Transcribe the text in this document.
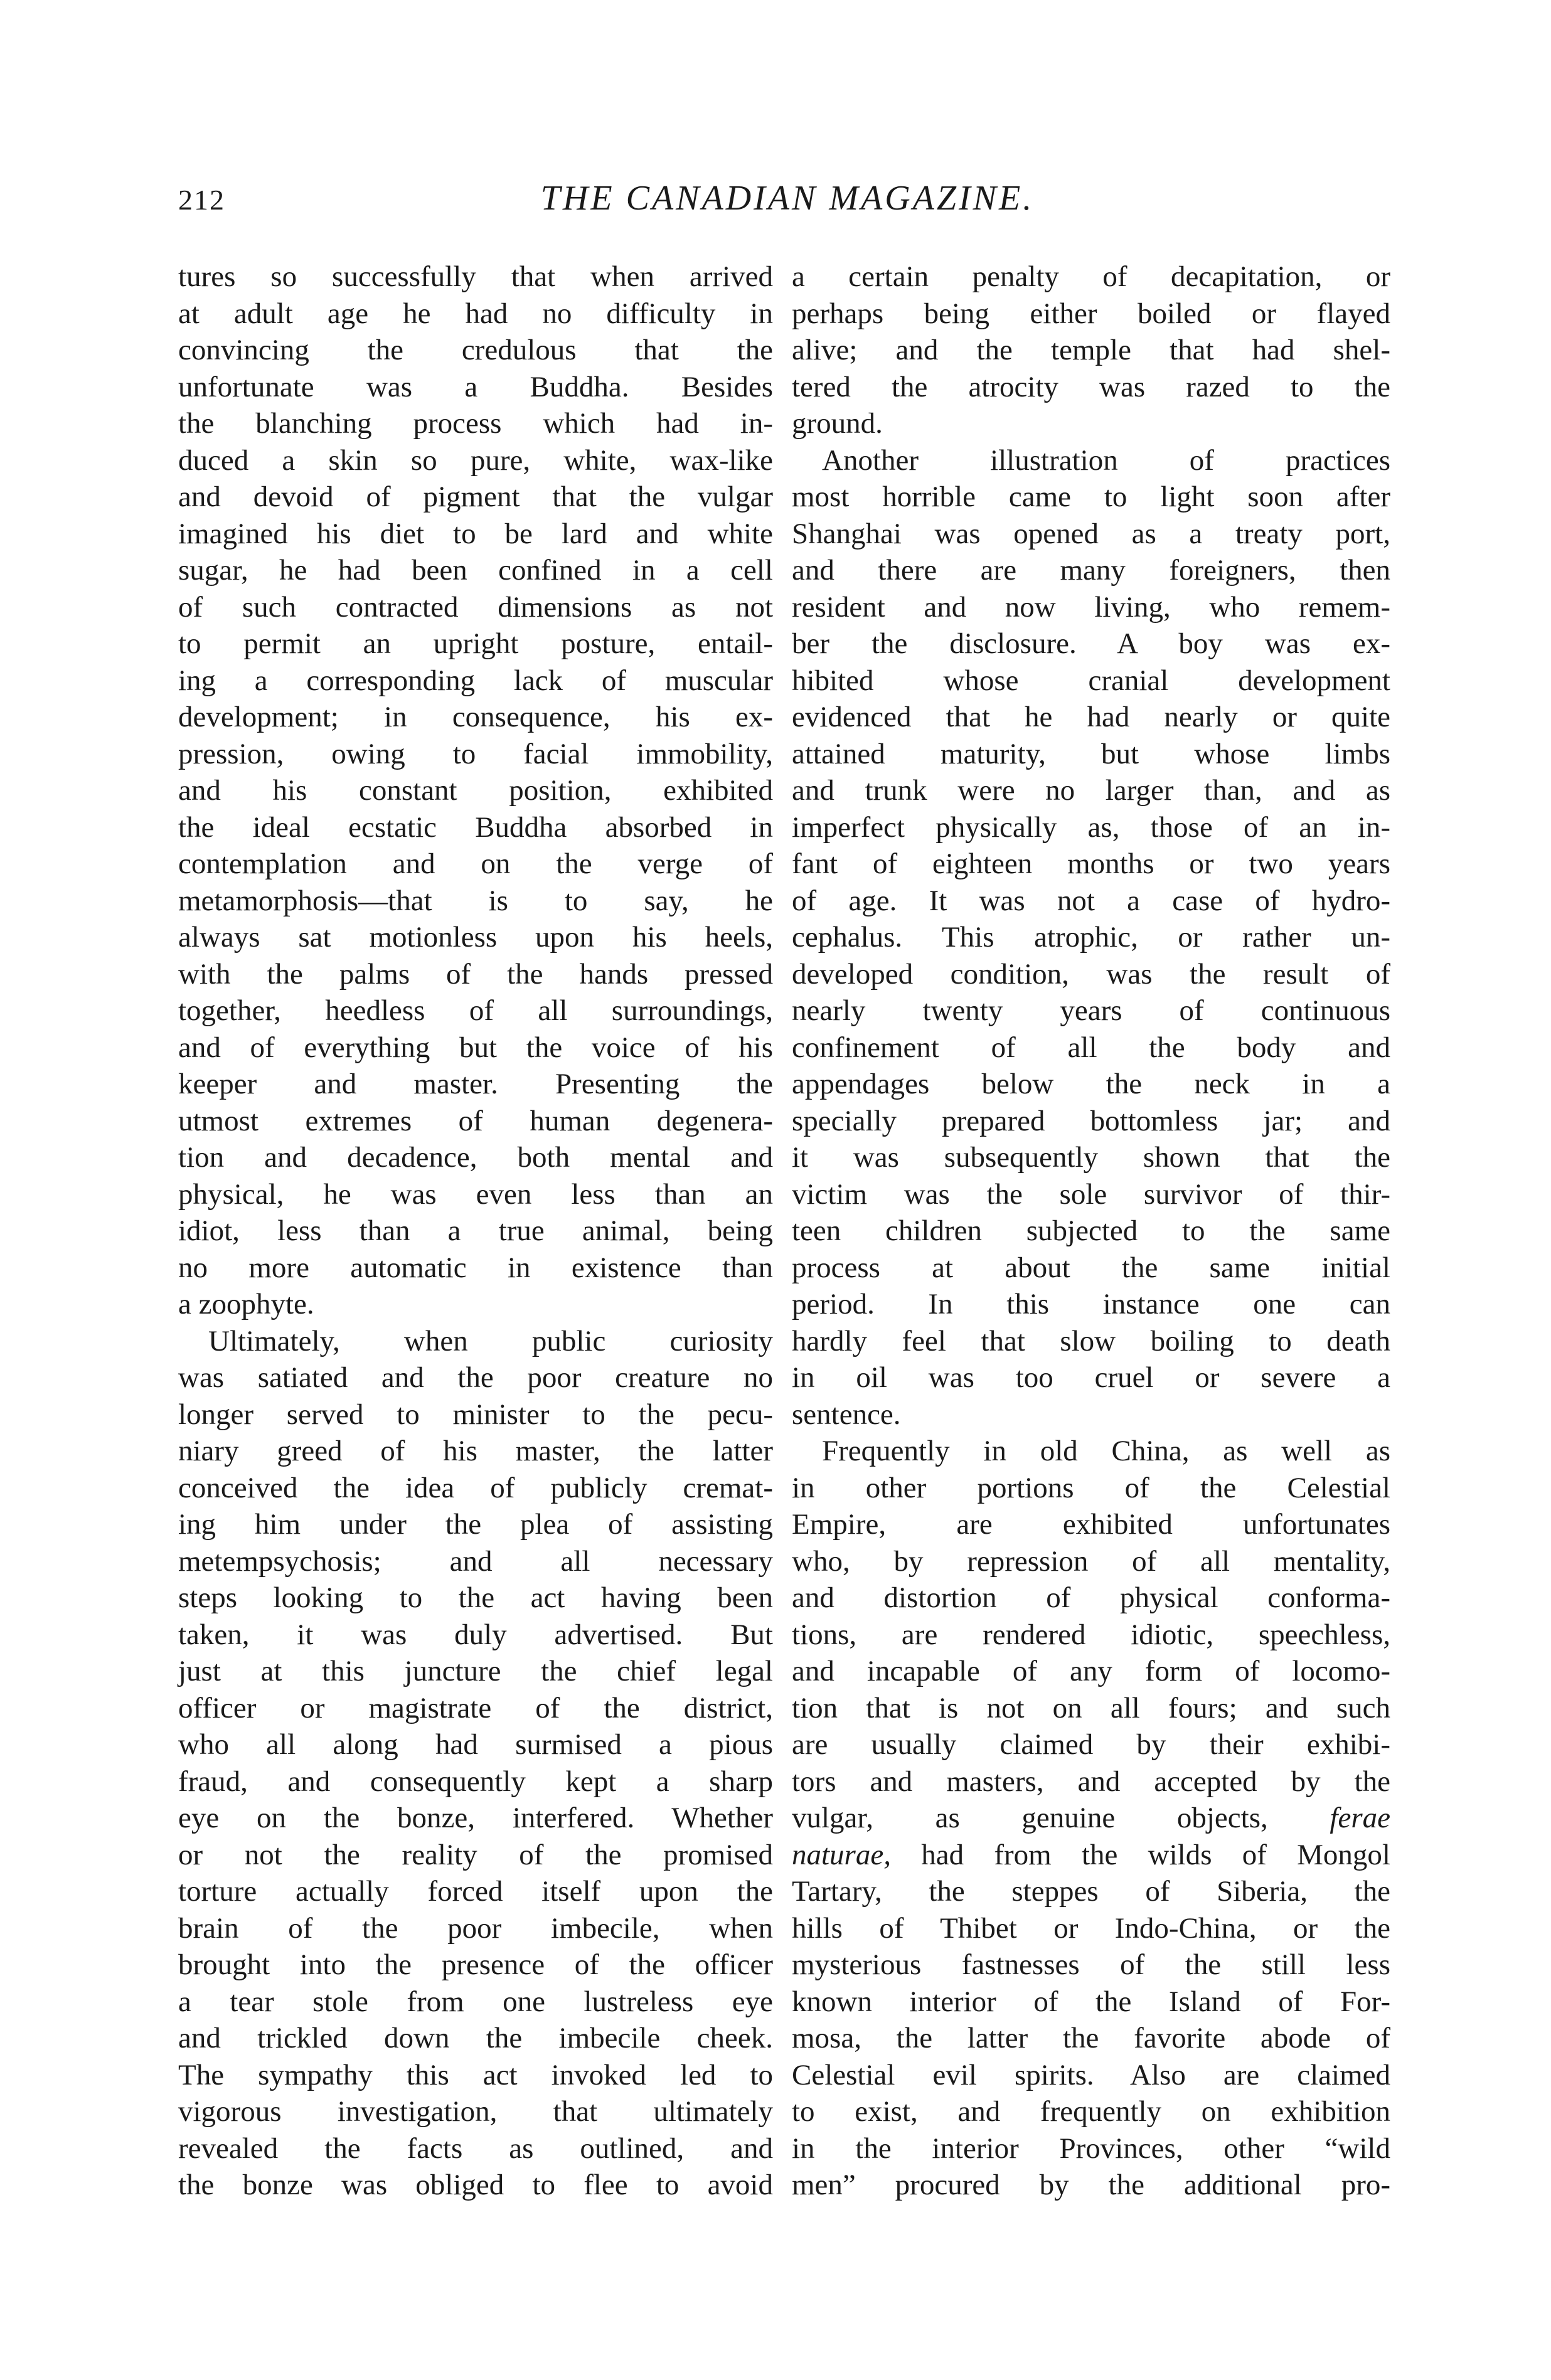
212	THE CANADIAN MAGAZINE.
tures so successfully that when arrived
at adult age he had no difficulty in
convincing the credulous that the
unfortunate was a Buddha. Besides
the blanching process which had in-
duced a skin so pure, white, wax-like
and devoid of pigment that the vulgar
imagined his diet to be lard and white
sugar, he had been confined in a cell
of such contracted dimensions as not
to permit an upright posture, entail-
ing a corresponding lack of muscular
development; in consequence, his ex-
pression, owing to facial immobility,
and his constant position, exhibited
the ideal ecstatic Buddha absorbed in
contemplation and on the verge of
metamorphosis—that is to say, he
always sat motionless upon his heels,
with the palms of the hands pressed
together, heedless of all surroundings,
and of everything but the voice of his
keeper and master. Presenting the
utmost extremes of human degenera-
tion and decadence, both mental and
physical, he was even less than an
idiot, less than a true animal, being
no more automatic in existence than
a zoophyte.
Ultimately, when public curiosity
was satiated and the poor creature no
longer served to minister to the pecu-
niary greed of his master, the latter
conceived the idea of publicly cremat-
ing him under the plea of assisting
metempsychosis; and all necessary
steps looking to the act having been
taken, it was duly advertised. But
just at this juncture the chief legal
officer or magistrate of the district,
who all along had surmised a pious
fraud, and consequently kept a sharp
eye on the bonze, interfered. Whether
or not the reality of the promised
torture actually forced itself upon the
brain of the poor imbecile, when
brought into the presence of the officer
a tear stole from one lustreless eye
and trickled down the imbecile cheek.
The sympathy this act invoked led to
vigorous investigation, that ultimately
revealed the facts as outlined, and
the bonze was obliged to flee to avoid
a certain penalty of decapitation, or
perhaps being either boiled or flayed
alive; and the temple that had shel-
tered the atrocity was razed to the
ground.
Another illustration of practices
most horrible came to light soon after
Shanghai was opened as a treaty port,
and there are many foreigners, then
resident and now living, who remem-
ber the disclosure. A boy was ex-
hibited whose cranial development
evidenced that he had nearly or quite
attained maturity, but whose limbs
and trunk were no larger than, and as
imperfect physically as, those of an in-
fant of eighteen months or two years
of age. It was not a case of hydro-
cephalus. This atrophic, or rather un-
developed condition, was the result of
nearly twenty years of continuous
confinement of all the body and
appendages below the neck in a
specially prepared bottomless jar; and
it was subsequently shown that the
victim was the sole survivor of thir-
teen children subjected to the same
process at about the same initial
period. In this instance one can
hardly feel that slow boiling to death
in oil was too cruel or severe a
sentence.
Frequently in old China, as well as
in other portions of the Celestial
Empire, are exhibited unfortunates
who, by repression of all mentality,
and distortion of physical conforma-
tions, are rendered idiotic, speechless,
and incapable of any form of locomo-
tion that is not on all fours; and such
are usually claimed by their exhibi-
tors and masters, and accepted by the
vulgar, as genuine objects, ferae
naturae, had from the wilds of Mongol
Tartary, the steppes of Siberia, the
hills of Thibet or Indo-China, or the
mysterious fastnesses of the still less
known interior of the Island of For-
mosa, the latter the favorite abode of
Celestial evil spirits. Also are claimed
to exist, and frequently on exhibition
in the interior Provinces, other “wild
men” procured by the additional pro-
